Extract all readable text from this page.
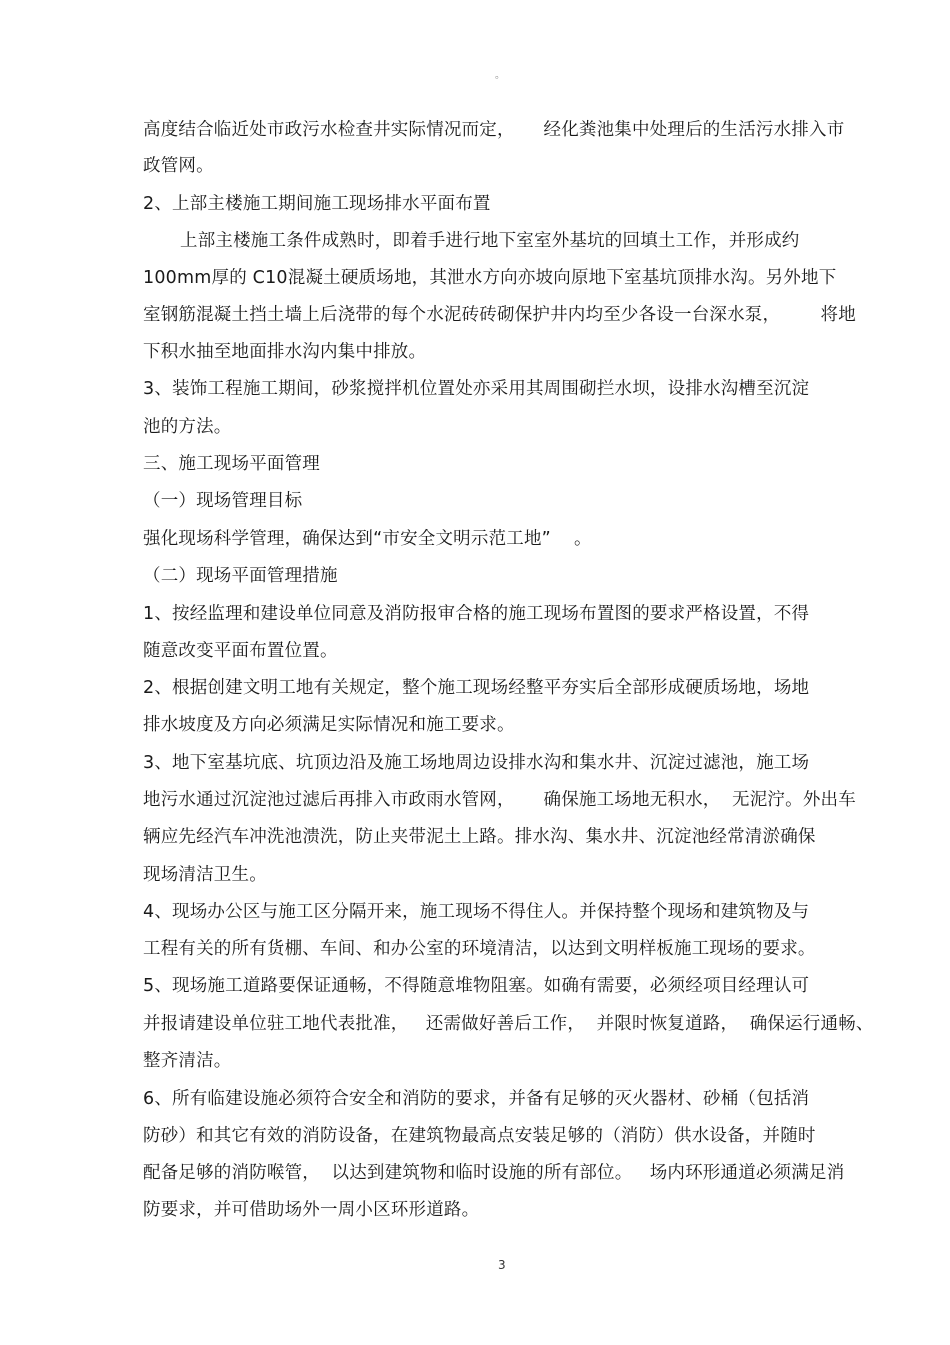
。
高度结合临近处市政污水检查井实际情况而定，     经化粪池集中处理后的生活污水排入市
政管网。
2、上部主楼施工期间施工现场排水平面布置
上部主楼施工条件成熟时，即着手进行地下室室外基坑的回填土工作，并形成约
100mm厚的 C10混凝土硬质场地，其泄水方向亦坡向原地下室基坑顶排水沟。另外地下
室钢筋混凝土挡土墙上后浇带的每个水泥砖砖砌保护井内均至少各设一台深水泵，       将地
下积水抽至地面排水沟内集中排放。
3、装饰工程施工期间，砂浆搅拌机位置处亦采用其周围砌拦水坝，设排水沟槽至沉淀
池的方法。
三、施工现场平面管理
（一）现场管理目标
强化现场科学管理，确保达到“市安全文明示范工地”    。
（二）现场平面管理措施
1、按经监理和建设单位同意及消防报审合格的施工现场布置图的要求严格设置，不得
随意改变平面布置位置。
2、根据创建文明工地有关规定，整个施工现场经整平夯实后全部形成硬质场地，场地
排水坡度及方向必须满足实际情况和施工要求。
3、地下室基坑底、坑顶边沿及施工场地周边设排水沟和集水井、沉淀过滤池，施工场
地污水通过沉淀池过滤后再排入市政雨水管网，     确保施工场地无积水，  无泥泞。外出车
辆应先经汽车冲洗池溃洗，防止夹带泥土上路。排水沟、集水井、沉淀池经常清淤确保
现场清洁卫生。
4、现场办公区与施工区分隔开来，施工现场不得住人。并保持整个现场和建筑物及与
工程有关的所有货棚、车间、和办公室的环境清洁，以达到文明样板施工现场的要求。
5、现场施工道路要保证通畅，不得随意堆物阻塞。如确有需要，必须经项目经理认可
并报请建设单位驻工地代表批准，   还需做好善后工作，  并限时恢复道路，  确保运行通畅、
整齐清洁。
6、所有临建设施必须符合安全和消防的要求，并备有足够的灭火器材、砂桶（包括消
防砂）和其它有效的消防设备，在建筑物最高点安装足够的（消防）供水设备，并随时
配备足够的消防喉管，  以达到建筑物和临时设施的所有部位。   场内环形通道必须满足消
防要求，并可借助场外一周小区环形道路。
3
